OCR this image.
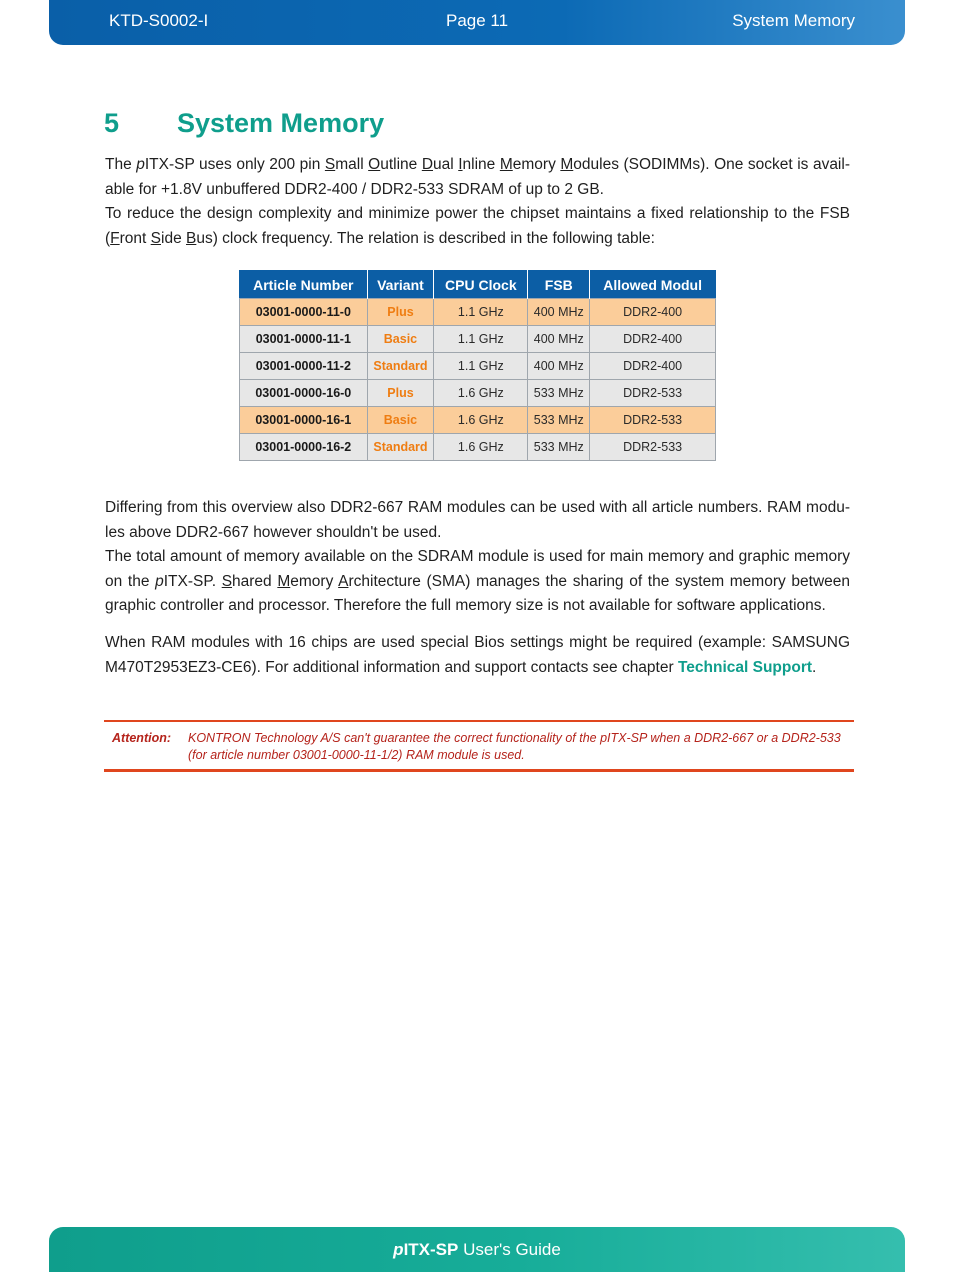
KTD-S0002-I	Page 11	System Memory
5 System Memory

The pITX-SP uses only 200 pin Small Outline Dual Inline Memory Modules (SODIMMs). One socket is avail-able for +1.8V unbuffered DDR2-400 / DDR2-533 SDRAM of up to 2 GB.

To reduce the design complexity and minimize power the chipset maintains a fixed relationship to the FSB (Front Side Bus) clock frequency. The relation is described in the following table:

Article Number	Variant	CPU Clock	FSB	Allowed Modul
03001-0000-11-0	Plus	1.1 GHz	400 MHz	DDR2-400
03001-0000-11-1	Basic	1.1 GHz	400 MHz	DDR2-400
03001-0000-11-2	Standard	1.1 GHz	400 MHz	DDR2-400
03001-0000-16-0	Plus	1.6 GHz	533 MHz	DDR2-533
03001-0000-16-1	Basic	1.6 GHz	533 MHz	DDR2-533
03001-0000-16-2	Standard	1.6 GHz	533 MHz	DDR2-533

Differing from this overview also DDR2-667 RAM modules can be used with all article numbers. RAM modu-les above DDR2-667 however shouldn't be used.

The total amount of memory available on the SDRAM module is used for main memory and graphic memory on the pITX-SP. Shared Memory Architecture (SMA) manages the sharing of the system memory between graphic controller and processor. Therefore the full memory size is not available for software applications.

When RAM modules with 16 chips are used special Bios settings might be required (example: SAMSUNG M470T2953EZ3-CE6). For additional information and support contacts see chapter Technical Support.

Attention: KONTRON Technology A/S can't guarantee the correct functionality of the pITX-SP when a DDR2-667 or a DDR2-533 (for article number 03001-0000-11-1/2) RAM module is used.
pITX-SP User's Guide
